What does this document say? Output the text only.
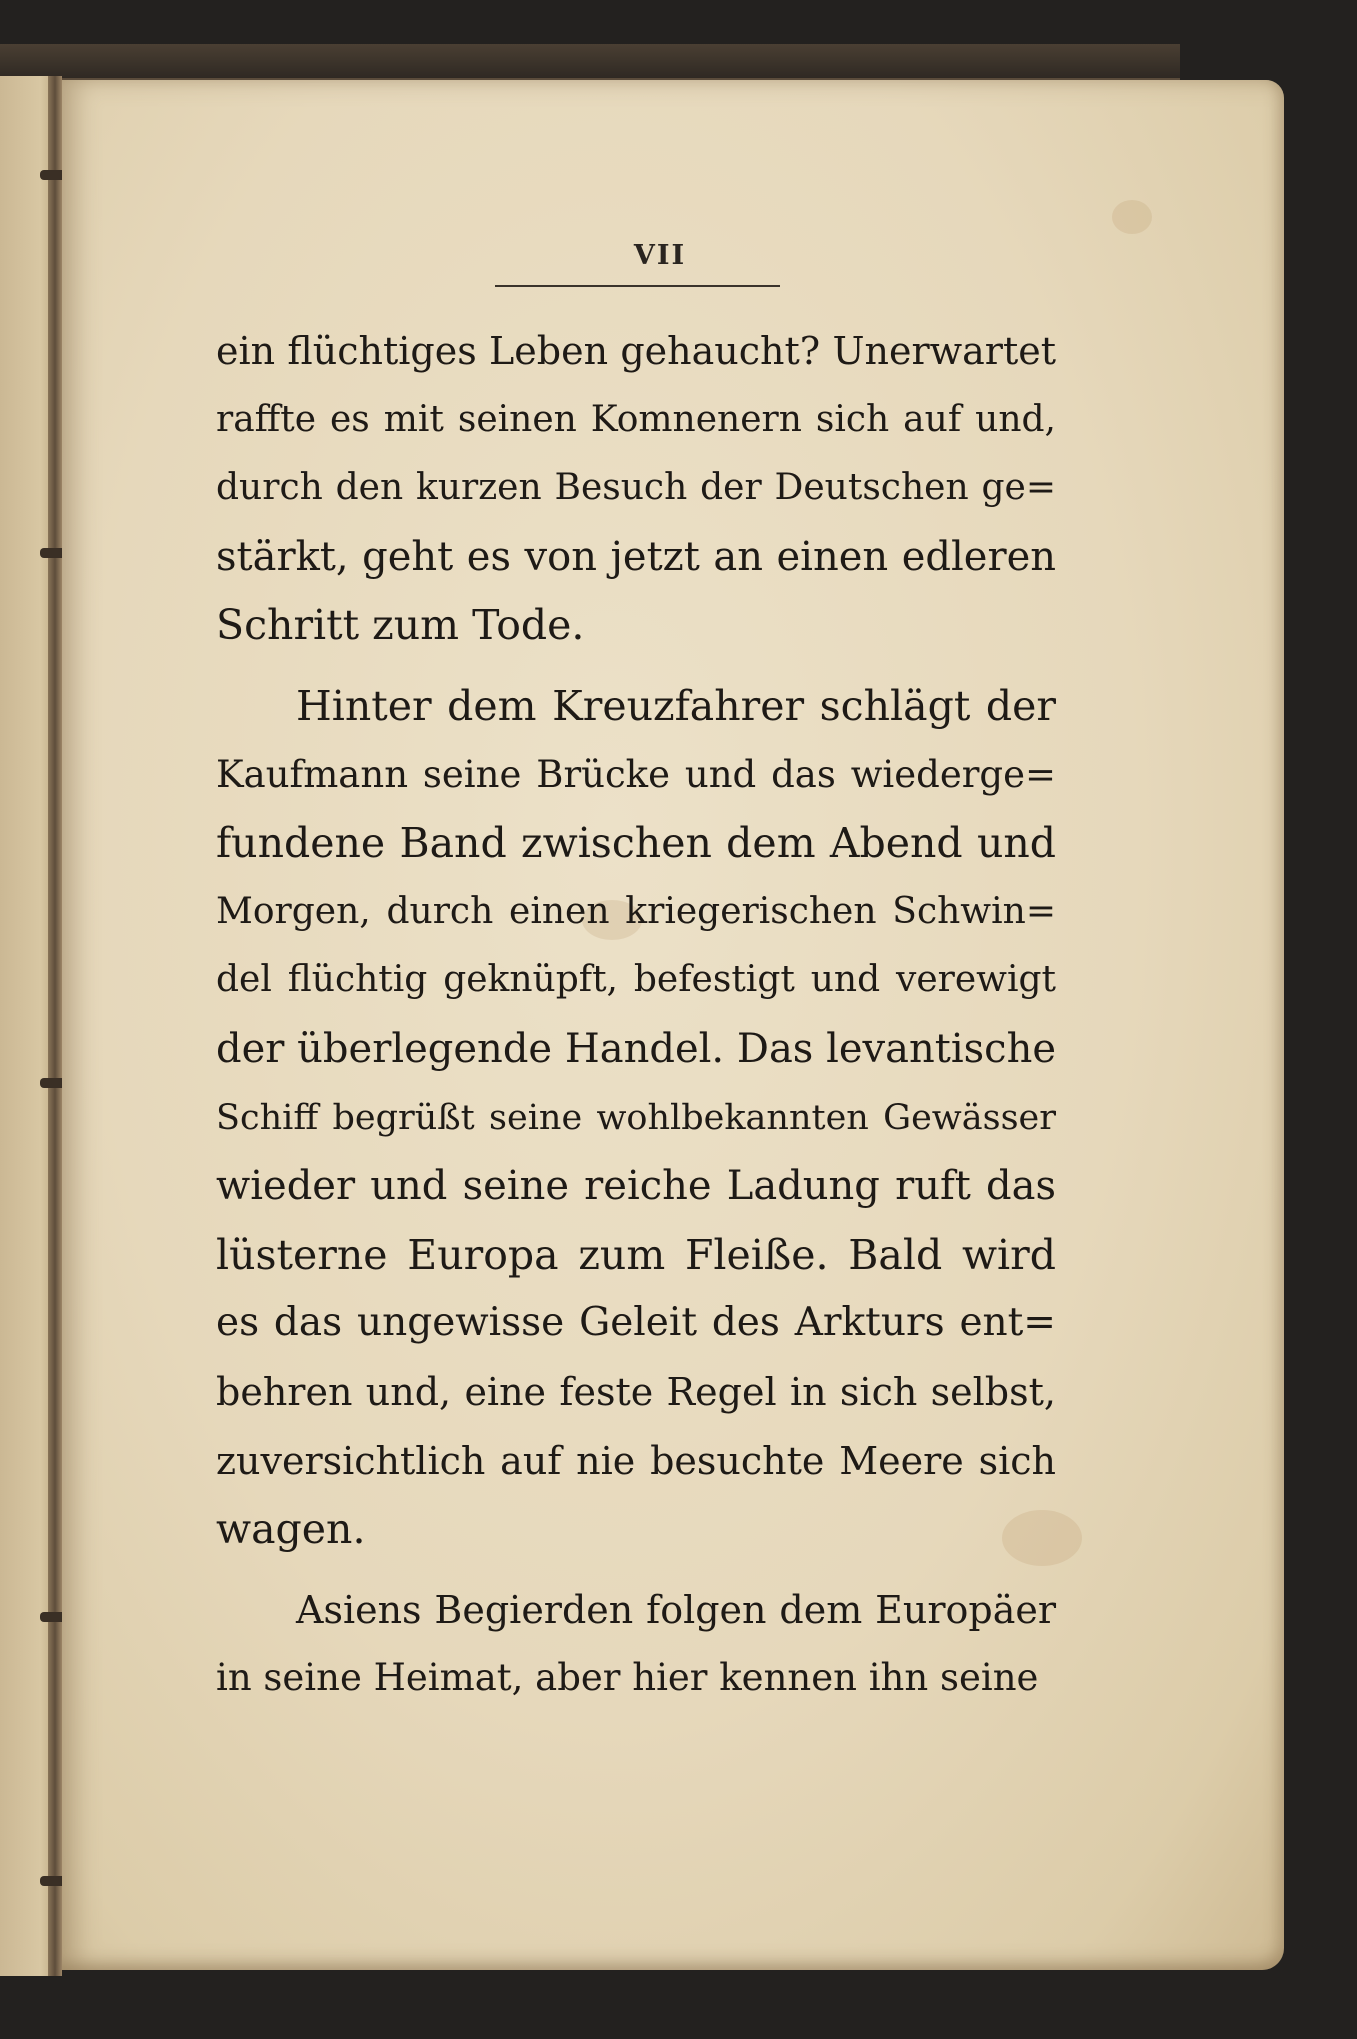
VII
ein flüchtiges Leben gehaucht? Unerwartet
raffte es mit seinen Komnenern sich auf und,
durch den kurzen Besuch der Deutschen ge=
stärkt, geht es von jetzt an einen edleren
Schritt zum Tode.
Hinter dem Kreuzfahrer schlägt der
Kaufmann seine Brücke und das wiederge=
fundene Band zwischen dem Abend und
Morgen, durch einen kriegerischen Schwin=
del flüchtig geknüpft, befestigt und verewigt
der überlegende Handel. Das levantische
Schiff begrüßt seine wohlbekannten Gewässer
wieder und seine reiche Ladung ruft das
lüsterne Europa zum Fleiße. Bald wird
es das ungewisse Geleit des Arkturs ent=
behren und, eine feste Regel in sich selbst,
zuversichtlich auf nie besuchte Meere sich
wagen.
Asiens Begierden folgen dem Europäer
in seine Heimat, aber hier kennen ihn seine
